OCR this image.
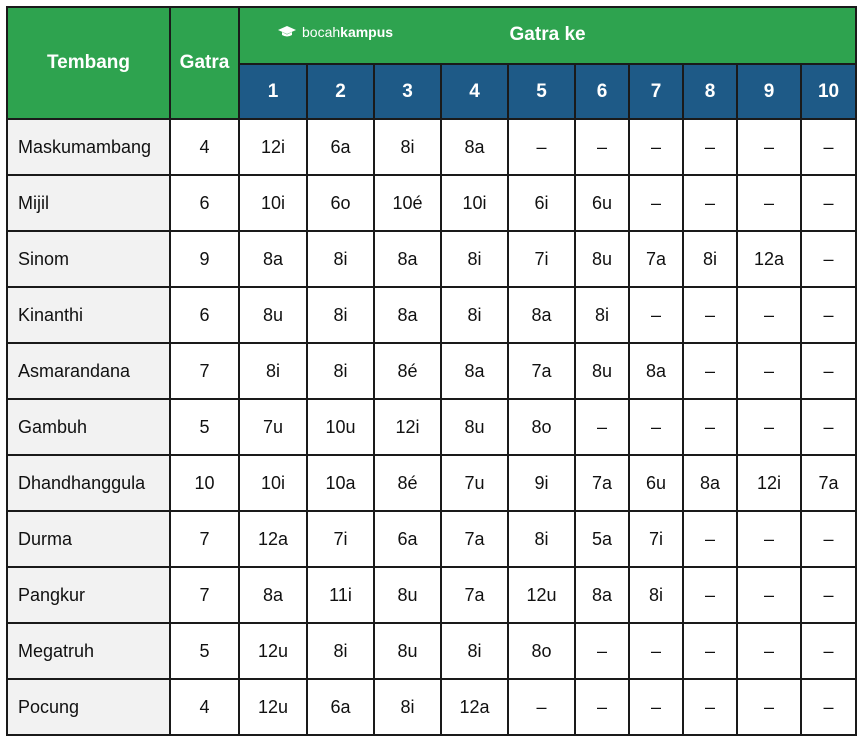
Tembang	Gatra	bocahkampus Gatra ke									

		1	2	3	4	5	6	7	8	9	10
Maskumambang	4	12i	6a	8i	8a	–	–	–	–	–	–
Mijil	6	10i	6o	10é	10i	6i	6u	–	–	–	–
Sinom	9	8a	8i	8a	8i	7i	8u	7a	8i	12a	–
Kinanthi	6	8u	8i	8a	8i	8a	8i	–	–	–	–
Asmarandana	7	8i	8i	8é	8a	7a	8u	8a	–	–	–
Gambuh	5	7u	10u	12i	8u	8o	–	–	–	–	–
Dhandhanggula	10	10i	10a	8é	7u	9i	7a	6u	8a	12i	7a
Durma	7	12a	7i	6a	7a	8i	5a	7i	–	–	–
Pangkur	7	8a	11i	8u	7a	12u	8a	8i	–	–	–
Megatruh	5	12u	8i	8u	8i	8o	–	–	–	–	–
Pocung	4	12u	6a	8i	12a	–	–	–	–	–	–
